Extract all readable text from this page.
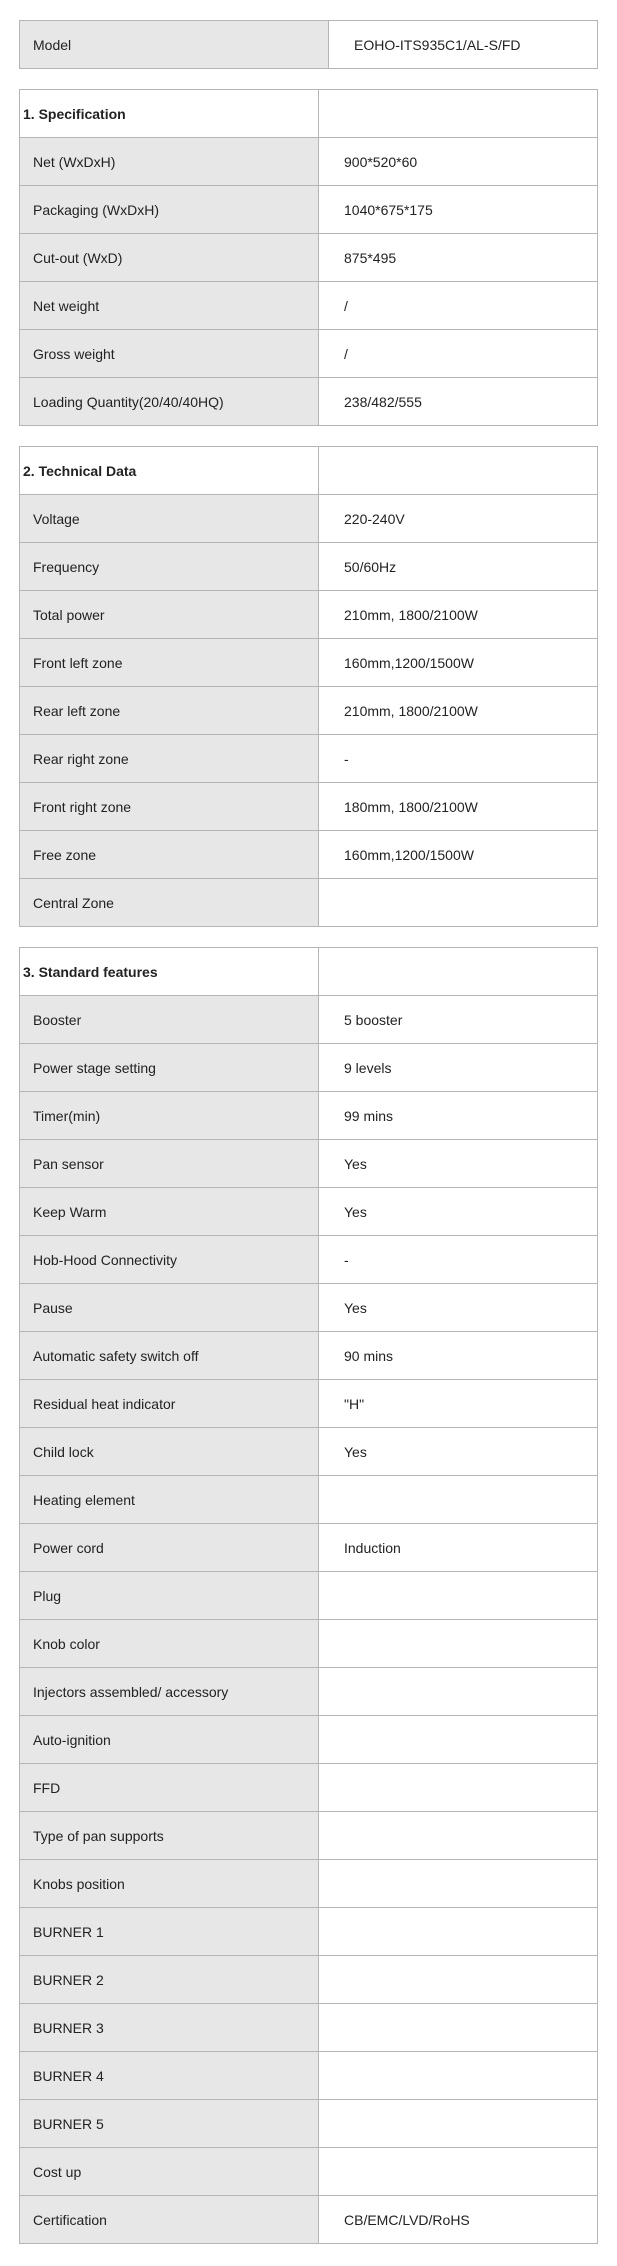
Model	EOHO-ITS935C1/AL-S/FD
1. Specification	
Net (WxDxH)	900*520*60
Packaging (WxDxH)	1040*675*175
Cut-out (WxD)	875*495
Net weight	/
Gross weight	/
Loading Quantity(20/40/40HQ)	238/482/555
2. Technical Data	
Voltage	220-240V
Frequency	50/60Hz
Total power	210mm, 1800/2100W
Front left zone	160mm,1200/1500W
Rear left zone	210mm, 1800/2100W
Rear right zone	-
Front right zone	180mm, 1800/2100W
Free zone	160mm,1200/1500W
Central Zone	
3. Standard features	
Booster	5 booster
Power stage setting	9 levels
Timer(min)	99 mins
Pan sensor	Yes
Keep Warm	Yes
Hob-Hood Connectivity	-
Pause	Yes
Automatic safety switch off	90 mins
Residual heat indicator	"H"
Child lock	Yes
Heating element	
Power cord	Induction
Plug	
Knob color	
Injectors assembled/ accessory	
Auto-ignition	
FFD	
Type of pan supports	
Knobs position	
BURNER 1	
BURNER 2	
BURNER 3	
BURNER 4	
BURNER 5	
Cost up	
Certification	CB/EMC/LVD/RoHS
